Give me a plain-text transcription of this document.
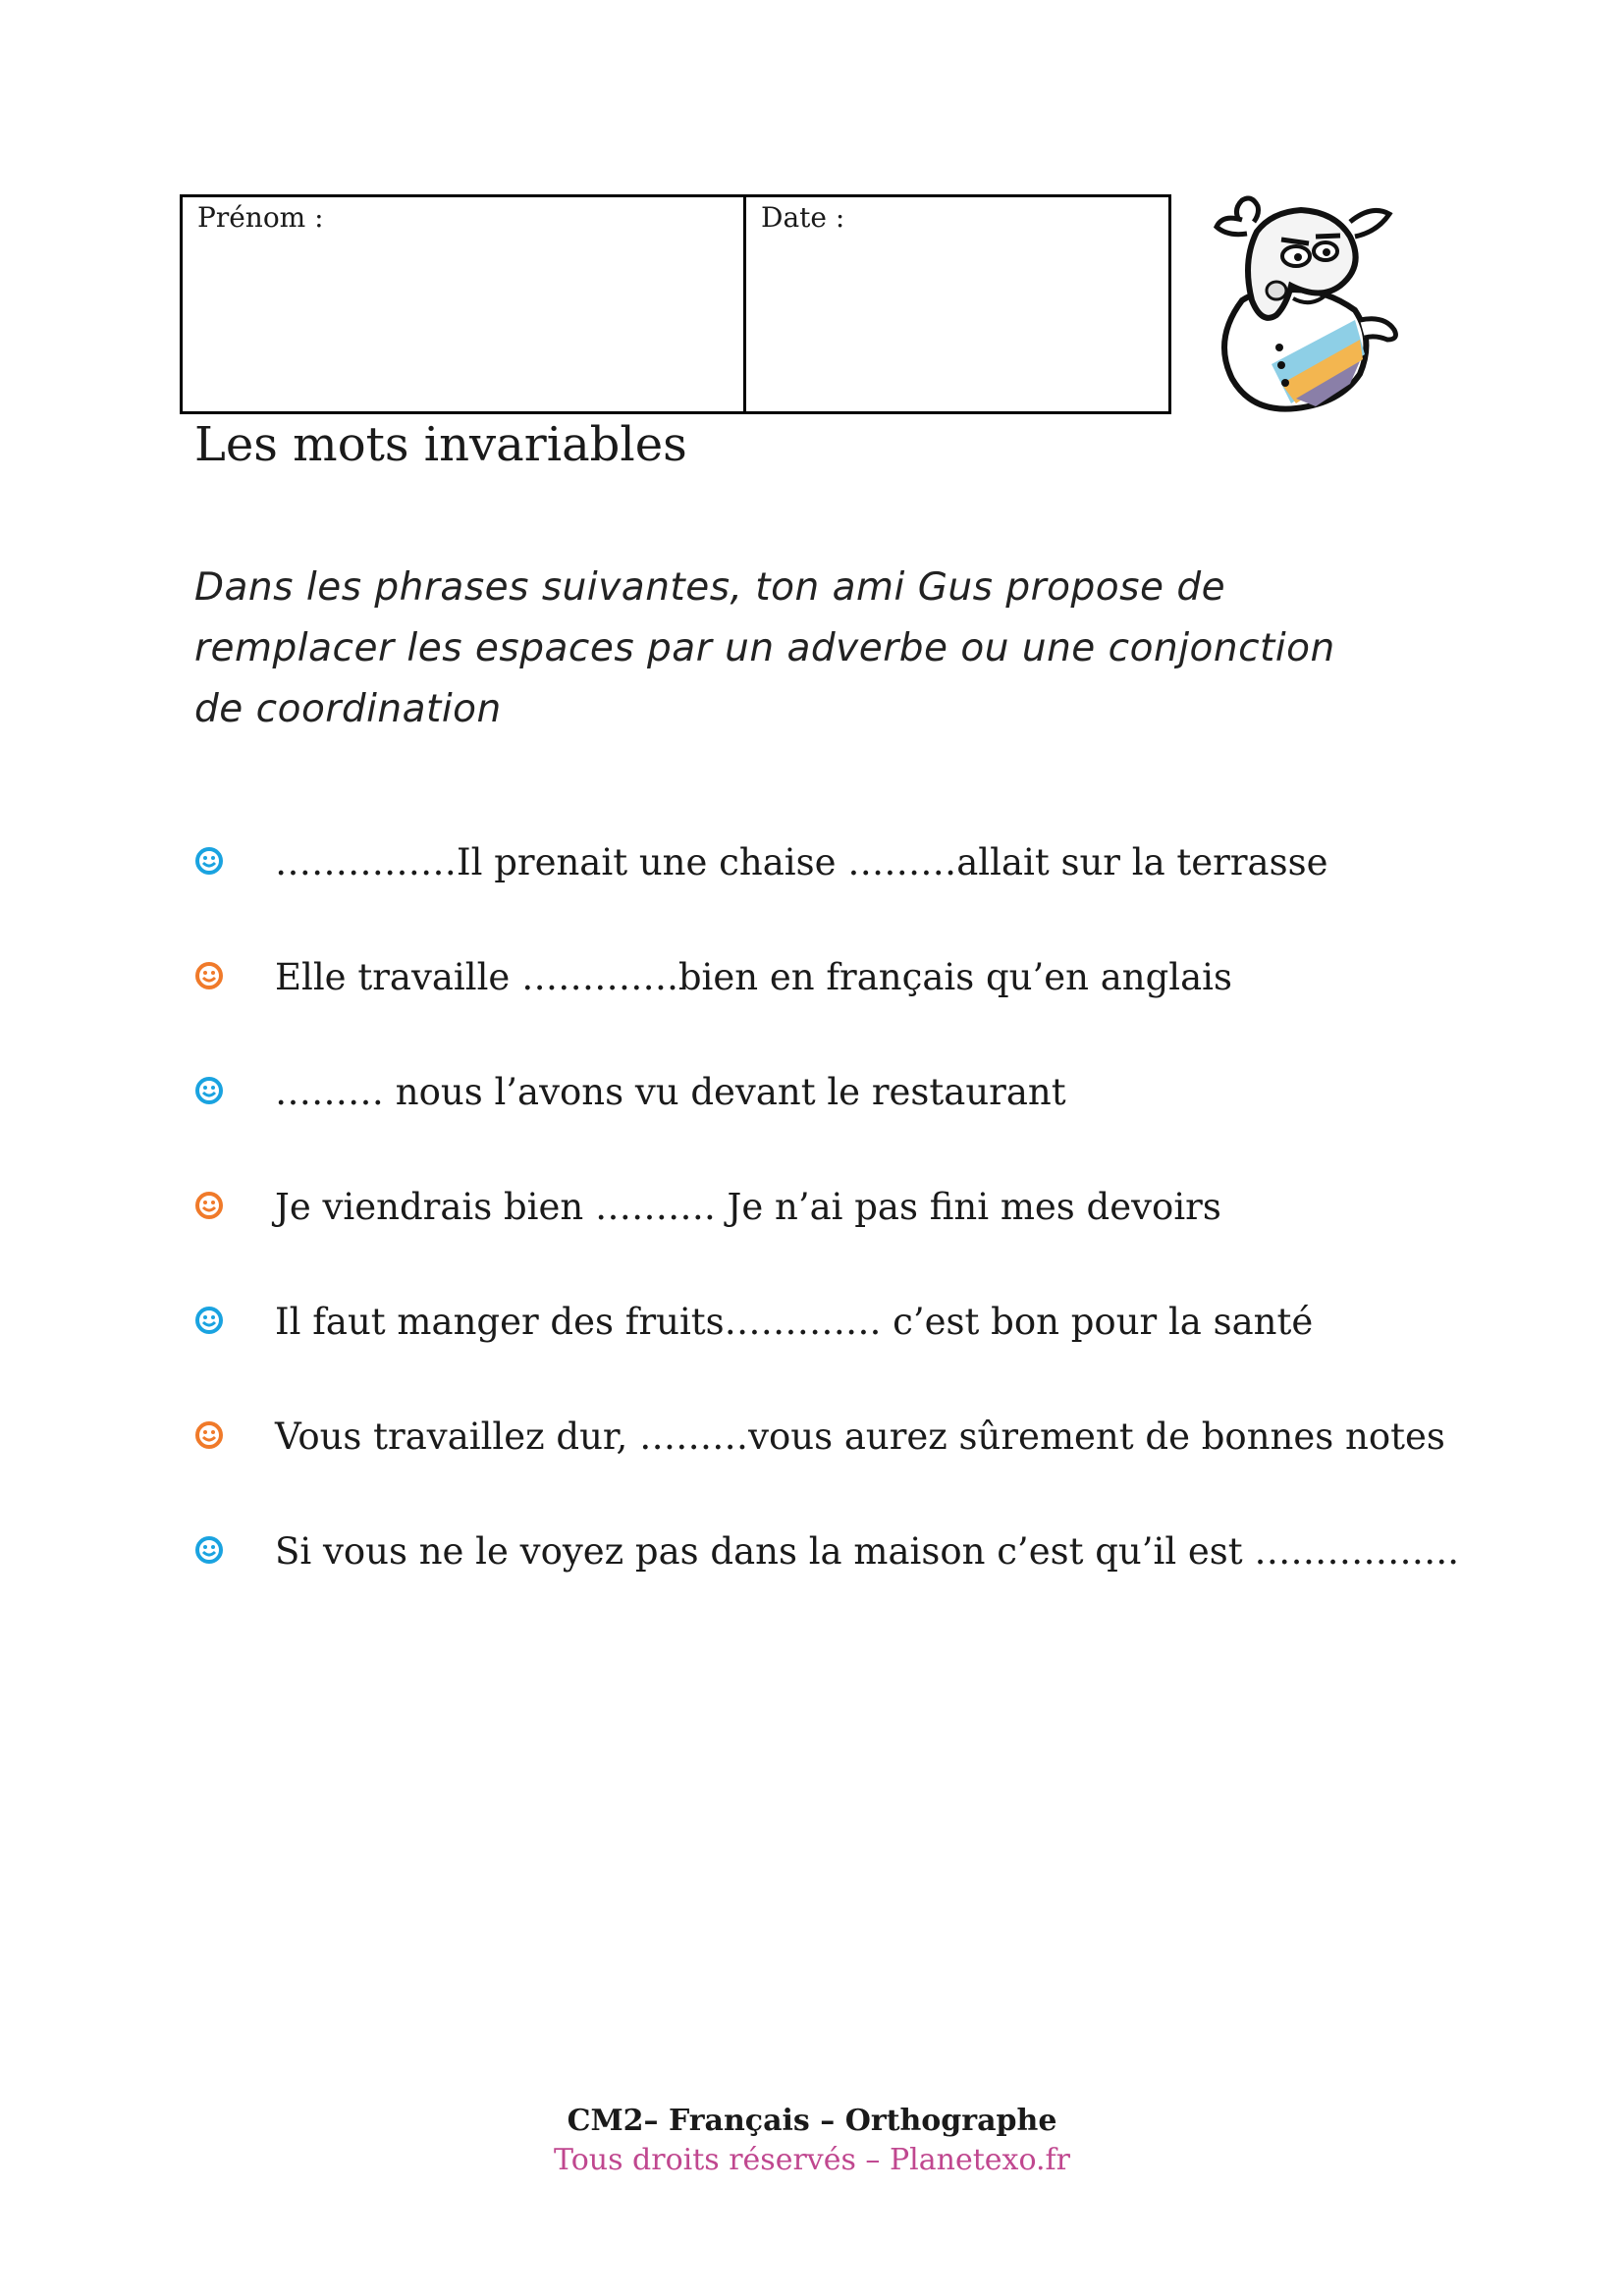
Prénom :	Date :
Les mots invariables
Dans les phrases suivantes, ton ami Gus propose de
remplacer les espaces par un adverbe ou une conjonction
de coordination
……………Il prenait une chaise ………allait sur la terrasse
Elle travaille ………….bien en français qu’en anglais
……… nous l’avons vu devant le restaurant
Je viendrais bien ………. Je n’ai pas fini mes devoirs
Il faut manger des fruits…………. c’est bon pour la santé
Vous travaillez dur, ………vous aurez sûrement de bonnes notes
Si vous ne le voyez pas dans la maison c’est qu’il est ……………..
CM2– Français – Orthographe
Tous droits réservés – Planetexo.fr
